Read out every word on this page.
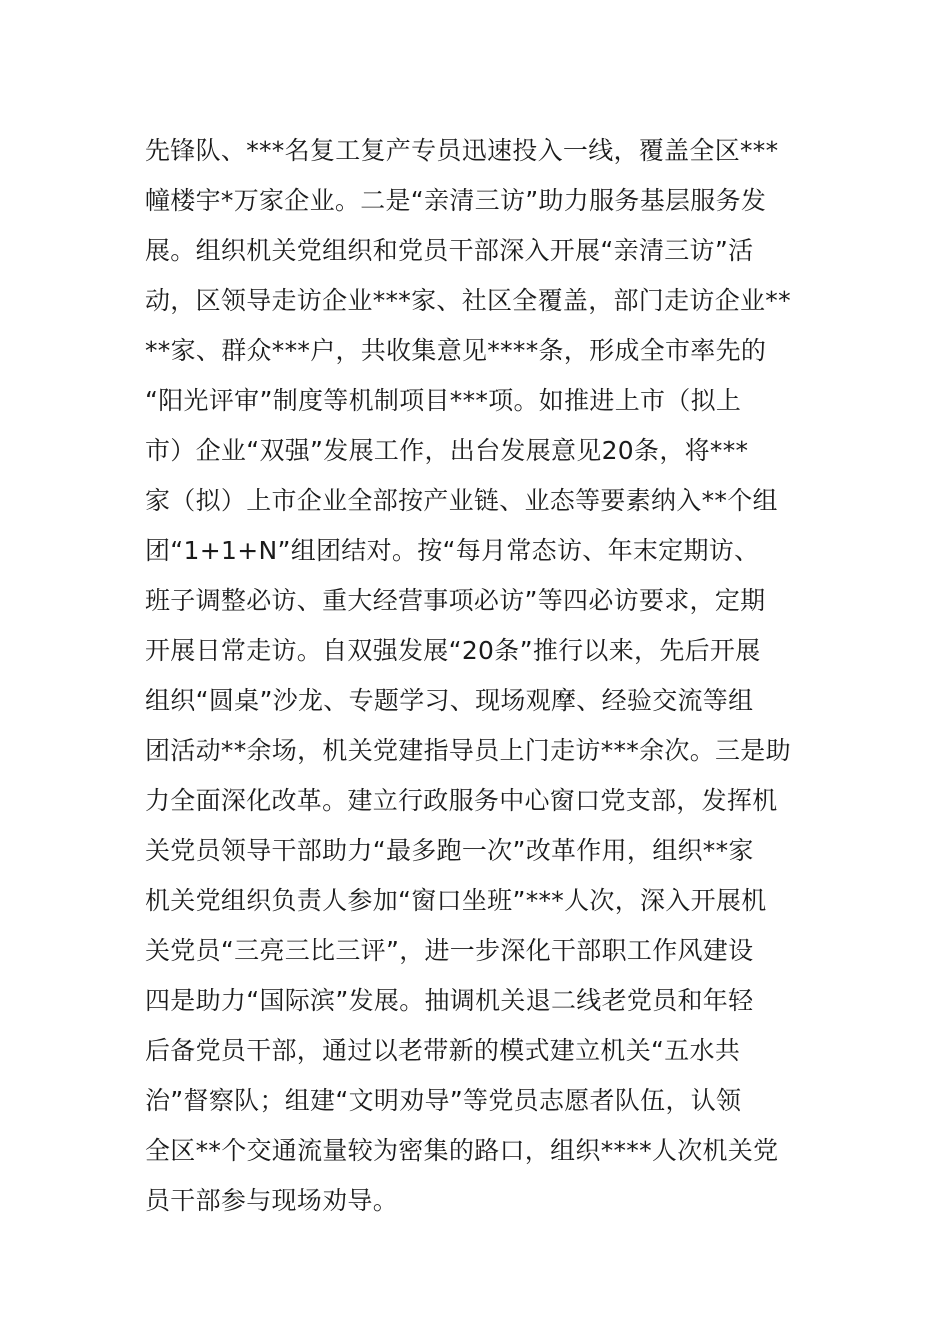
先锋队、***名复工复产专员迅速投入一线，覆盖全区***
幢楼宇*万家企业。二是“亲清三访”助力服务基层服务发
展。组织机关党组织和党员干部深入开展“亲清三访”活
动，区领导走访企业***家、社区全覆盖，部门走访企业**
**家、群众***户，共收集意见****条，形成全市率先的
“阳光评审”制度等机制项目***项。如推进上市（拟上
市）企业“双强”发展工作，出台发展意见20条，将***
家（拟）上市企业全部按产业链、业态等要素纳入**个组
团“1+1+N”组团结对。按“每月常态访、年末定期访、
班子调整必访、重大经营事项必访”等四必访要求，定期
开展日常走访。自双强发展“20条”推行以来，先后开展
组织“圆桌”沙龙、专题学习、现场观摩、经验交流等组
团活动**余场，机关党建指导员上门走访***余次。三是助
力全面深化改革。建立行政服务中心窗口党支部，发挥机
关党员领导干部助力“最多跑一次”改革作用，组织**家
机关党组织负责人参加“窗口坐班”***人次，深入开展机
关党员“三亮三比三评”，进一步深化干部职工作风建设
四是助力“国际滨”发展。抽调机关退二线老党员和年轻
后备党员干部，通过以老带新的模式建立机关“五水共
治”督察队；组建“文明劝导”等党员志愿者队伍，认领
全区**个交通流量较为密集的路口，组织****人次机关党
员干部参与现场劝导。
